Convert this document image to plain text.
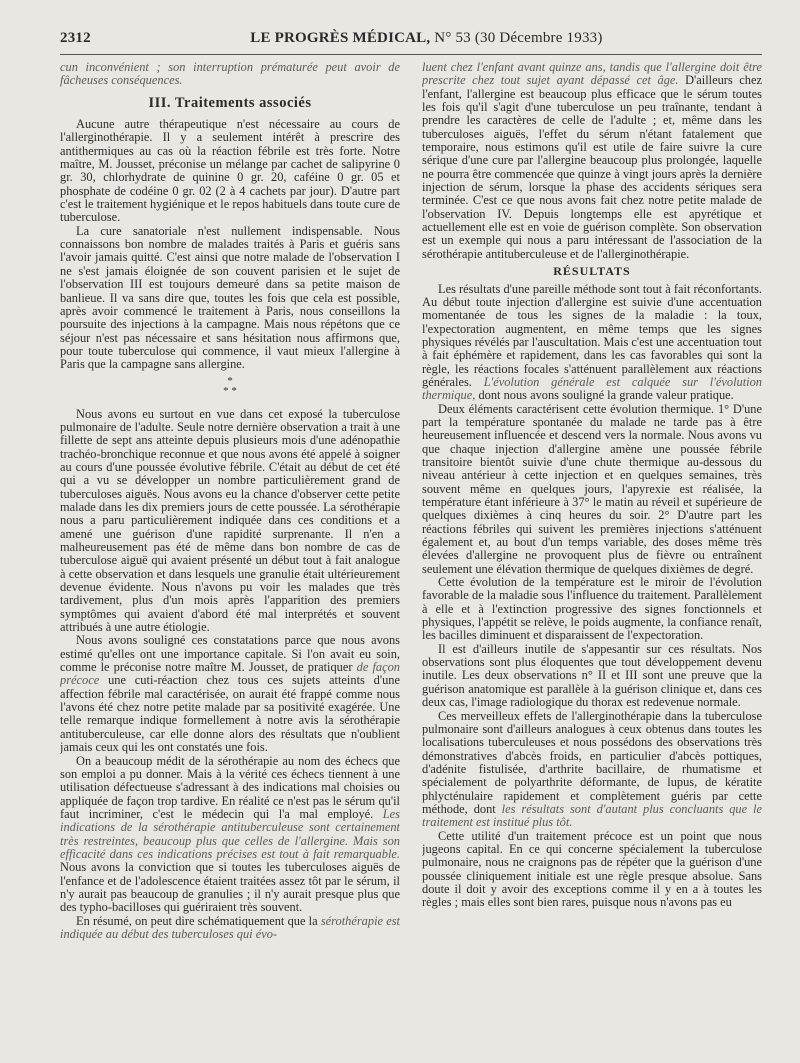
2312	LE PROGRÈS MÉDICAL, N° 53 (30 Décembre 1933)

cun inconvénient ; son interruption prématurée peut avoir de fâcheuses conséquences.

III. Traitements associés

Aucune autre thérapeutique n'est nécessaire au cours de l'allerginothérapie. Il y a seulement intérêt à prescrire des antithermiques au cas où la réaction fébrile est très forte. Notre maître, M. Jousset, préconise un mélange par cachet de salipyrine 0 gr. 30, chlorhydrate de quinine 0 gr. 20, caféine 0 gr. 05 et phosphate de codéine 0 gr. 02 (2 à 4 cachets par jour). D'autre part c'est le traitement hygiénique et le repos habituels dans toute cure de tuberculose.

La cure sanatoriale n'est nullement indispensable. Nous connaissons bon nombre de malades traités à Paris et guéris sans l'avoir jamais quitté. C'est ainsi que notre malade de l'observation I ne s'est jamais éloignée de son couvent parisien et le sujet de l'observation III est toujours demeuré dans sa petite maison de banlieue. Il va sans dire que, toutes les fois que cela est possible, après avoir commencé le traitement à Paris, nous conseillons la poursuite des injections à la campagne. Mais nous répétons que ce séjour n'est pas nécessaire et sans hésitation nous affirmons que, pour toute tuberculose qui commence, il vaut mieux l'allergine à Paris que la campagne sans allergine.

*
* *

Nous avons eu surtout en vue dans cet exposé la tuberculose pulmonaire de l'adulte. Seule notre dernière observation a trait à une fillette de sept ans atteinte depuis plusieurs mois d'une adénopathie trachéo-bronchique reconnue et que nous avons été appelé à soigner au cours d'une poussée évolutive fébrile. C'était au début de cet été qui a vu se développer un nombre particulièrement grand de tuberculoses aiguës. Nous avons eu la chance d'observer cette petite malade dans les dix premiers jours de cette poussée. La sérothérapie nous a paru particulièrement indiquée dans ces conditions et a amené une guérison d'une rapidité surprenante. Il n'en a malheureusement pas été de même dans bon nombre de cas de tuberculose aiguë qui avaient présenté un début tout à fait analogue à cette observation et dans lesquels une granulie était ultérieurement devenue évidente. Nous n'avons pu voir les malades que très tardivement, plus d'un mois après l'apparition des premiers symptômes qui avaient d'abord été mal interprétés et souvent attribués à une autre étiologie.

Nous avons souligné ces constatations parce que nous avons estimé qu'elles ont une importance capitale. Si l'on avait eu soin, comme le préconise notre maître M. Jousset, de pratiquer de façon précoce une cuti-réaction chez tous ces sujets atteints d'une affection fébrile mal caractérisée, on aurait été frappé comme nous l'avons été chez notre petite malade par sa positivité exagérée. Une telle remarque indique formellement à notre avis la sérothérapie antituberculeuse, car elle donne alors des résultats que n'oublient jamais ceux qui les ont constatés une fois.

On a beaucoup médit de la sérothérapie au nom des échecs que son emploi a pu donner. Mais à la vérité ces échecs tiennent à une utilisation défectueuse s'adressant à des indications mal choisies ou appliquée de façon trop tardive. En réalité ce n'est pas le sérum qu'il faut incriminer, c'est le médecin qui l'a mal employé. Les indications de la sérothérapie antituberculeuse sont certainement très restreintes, beaucoup plus que celles de l'allergine. Mais son efficacité dans ces indications précises est tout à fait remarquable. Nous avons la conviction que si toutes les tuberculoses aiguës de l'enfance et de l'adolescence étaient traitées assez tôt par le sérum, il n'y aurait pas beaucoup de granulies ; il n'y aurait presque plus que des typho-bacilloses qui guériraient très souvent.

En résumé, on peut dire schématiquement que la sérothérapie est indiquée au début des tuberculoses qui évo-

luent chez l'enfant avant quinze ans, tandis que l'allergine doit être prescrite chez tout sujet ayant dépassé cet âge. D'ailleurs chez l'enfant, l'allergine est beaucoup plus efficace que le sérum toutes les fois qu'il s'agit d'une tuberculose un peu traînante, tendant à prendre les caractères de celle de l'adulte ; et, même dans les tuberculoses aiguës, l'effet du sérum n'étant fatalement que temporaire, nous estimons qu'il est utile de faire suivre la cure sérique d'une cure par l'allergine beaucoup plus prolongée, laquelle ne pourra être commencée que quinze à vingt jours après la dernière injection de sérum, lorsque la phase des accidents sériques sera terminée. C'est ce que nous avons fait chez notre petite malade de l'observation IV. Depuis longtemps elle est apyrétique et actuellement elle est en voie de guérison complète. Son observation est un exemple qui nous a paru intéressant de l'association de la sérothérapie antituberculeuse et de l'allerginothérapie.

RÉSULTATS

Les résultats d'une pareille méthode sont tout à fait réconfortants. Au début toute injection d'allergine est suivie d'une accentuation momentanée de tous les signes de la maladie : la toux, l'expectoration augmentent, en même temps que les signes physiques révélés par l'auscultation. Mais c'est une accentuation tout à fait éphémère et rapidement, dans les cas favorables qui sont la règle, les réactions focales s'atténuent parallèlement aux réactions générales. L'évolution générale est calquée sur l'évolution thermique, dont nous avons souligné la grande valeur pratique.

Deux éléments caractérisent cette évolution thermique. 1° D'une part la température spontanée du malade ne tarde pas à être heureusement influencée et descend vers la normale. Nous avons vu que chaque injection d'allergine amène une poussée fébrile transitoire bientôt suivie d'une chute thermique au-dessous du niveau antérieur à cette injection et en quelques semaines, très souvent même en quelques jours, l'apyrexie est réalisée, la température étant inférieure à 37° le matin au réveil et supérieure de quelques dixièmes à cinq heures du soir. 2° D'autre part les réactions fébriles qui suivent les premières injections s'atténuent également et, au bout d'un temps variable, des doses même très élevées d'allergine ne provoquent plus de fièvre ou entraînent seulement une élévation thermique de quelques dixièmes de degré.

Cette évolution de la température est le miroir de l'évolution favorable de la maladie sous l'influence du traitement. Parallèlement à elle et à l'extinction progressive des signes fonctionnels et physiques, l'appétit se relève, le poids augmente, la confiance renaît, les bacilles diminuent et disparaissent de l'expectoration.

Il est d'ailleurs inutile de s'appesantir sur ces résultats. Nos observations sont plus éloquentes que tout développement devenu inutile. Les deux observations n° II et III sont une preuve que la guérison anatomique est parallèle à la guérison clinique et, dans ces deux cas, l'image radiologique du thorax est redevenue normale.

Ces merveilleux effets de l'allerginothérapie dans la tuberculose pulmonaire sont d'ailleurs analogues à ceux obtenus dans toutes les localisations tuberculeuses et nous possédons des observations très démonstratives d'abcès froids, en particulier d'abcès pottiques, d'adénite fistulisée, d'arthrite bacillaire, de rhumatisme et spécialement de polyarthrite déformante, de lupus, de kératite phlycténulaire rapidement et complètement guéris par cette méthode, dont les résultats sont d'autant plus concluants que le traitement est institué plus tôt.

Cette utilité d'un traitement précoce est un point que nous jugeons capital. En ce qui concerne spécialement la tuberculose pulmonaire, nous ne craignons pas de répéter que la guérison d'une poussée cliniquement initiale est une règle presque absolue. Sans doute il doit y avoir des exceptions comme il y en a à toutes les règles ; mais elles sont bien rares, puisque nous n'avons pas eu
